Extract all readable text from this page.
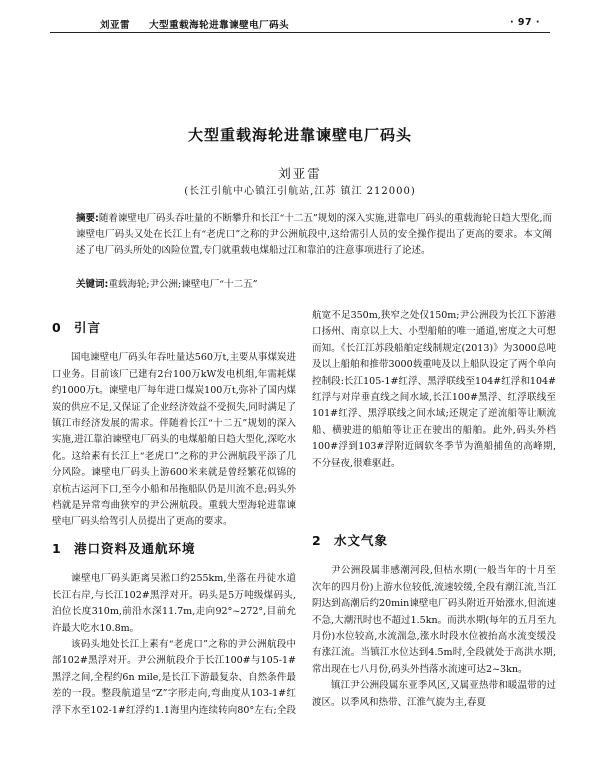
刘亚雷 大型重载海轮进靠谏壁电厂码头	· 97 ·
大型重载海轮进靠谏壁电厂码头
刘亚雷
(长江引航中心镇江引航站,江苏 镇江 212000)
摘要:随着谏壁电厂码头吞吐量的不断攀升和长江“十二五”规划的深入实施,进靠电厂码头的重载海轮日趋大型化,而谏壁电厂码头又处在长江上有“老虎口”之称的尹公洲航段中,这给需引人员的安全操作提出了更高的要求。本文阐述了电厂码头所处的凶险位置,专门就重载电煤船过江和靠泊的注意事项进行了论述。
关键词:重载海轮;尹公洲;谏壁电厂“十二五”
0 引言

国电谏壁电厂码头年吞吐量达560万t,主要从事煤炭进口业务。目前该厂已建有2台100万kW发电机组,年需耗煤约1000万t。谏壁电厂每年进口煤炭100万t,弥补了国内煤炭的供应不足,又保证了企业经济效益不受损失,同时满足了镇江市经济发展的需求。伴随着长江“十二五”规划的深入实施,进江靠泊谏壁电厂码头的电煤船舶日趋大型化,深吃水化。这给素有长江上“老虎口”之称的尹公洲航段平添了几分风险。谏壁电厂码头上游600米来就是曾经繁花似锦的京杭古运河下口,至今小船和吊拖船队仍是川流不息;码头外档就是异常弯曲狭窄的尹公洲航段。重载大型海轮进靠谏壁电厂码头给驾引人员提出了更高的要求。

1 港口资料及通航环境

谏壁电厂码头距离吴淞口约255km,坐落在丹徒水道长江右岸,与长江102#黑浮对开。码头是5万吨级煤码头,泊位长度310m,前沿水深11.7m,走向92°~272°,目前允许最大吃水10.8m。

该码头地处长江上素有“老虎口”之称的尹公洲航段中部102#黑浮对开。尹公洲航段介于长江100#与105-1#黑浮之间,全程约6n mile,是长江下游最复杂、自然条件最差的一段。整段航道呈“Z”字形走向,弯曲度从103-1#红浮下水至102-1#红浮约1.1海里内连续转向80°左右;全段

航宽不足350m,狭窄之处仅150m;尹公洲段为长江下游港口扬州、南京以上大、小型船舶的唯一通道,密度之大可想而知。《长江江苏段船舶定线制规定(2013)》为3000总吨及以上船舶和推带3000载重吨及以上船队设定了两个单向控制段:长江105-1#红浮、黑浮联线至104#红浮和104#红浮与对岸垂直线之间水域,长江100#黑浮、红浮联线至101#红浮、黑浮联线之间水域;还规定了逆流船等让顺流船、横驶进的船舶等让正在驶出的船舶。此外,码头外档100#浮到103#浮附近阔软冬季节为渔船捕鱼的高峰期,不分昼夜,很难驱赶。

2 水文气象

尹公洲段属非感潮河段,但枯水期(一般当年的十月至次年的四月份)上游水位较低,流速较缓,全段有潮江流,当江阴达到高潮后约20min谏壁电厂码头附近开始涨水,但流速不急,大潮汛时也不超过1.5kn。而洪水期(每年的五月至九月份)水位较高,水流湍急,涨水时段水位被抬高水流变缓没有涨江流。当镇江水位达到4.5m时,全段就处于高洪水期,常出现在七八月份,码头外挡落水流速可达2~3kn。

镇江尹公洲段属东亚季风区,又属亚热带和暖温带的过渡区。以季风和热带、江淮气旋为主,春夏
